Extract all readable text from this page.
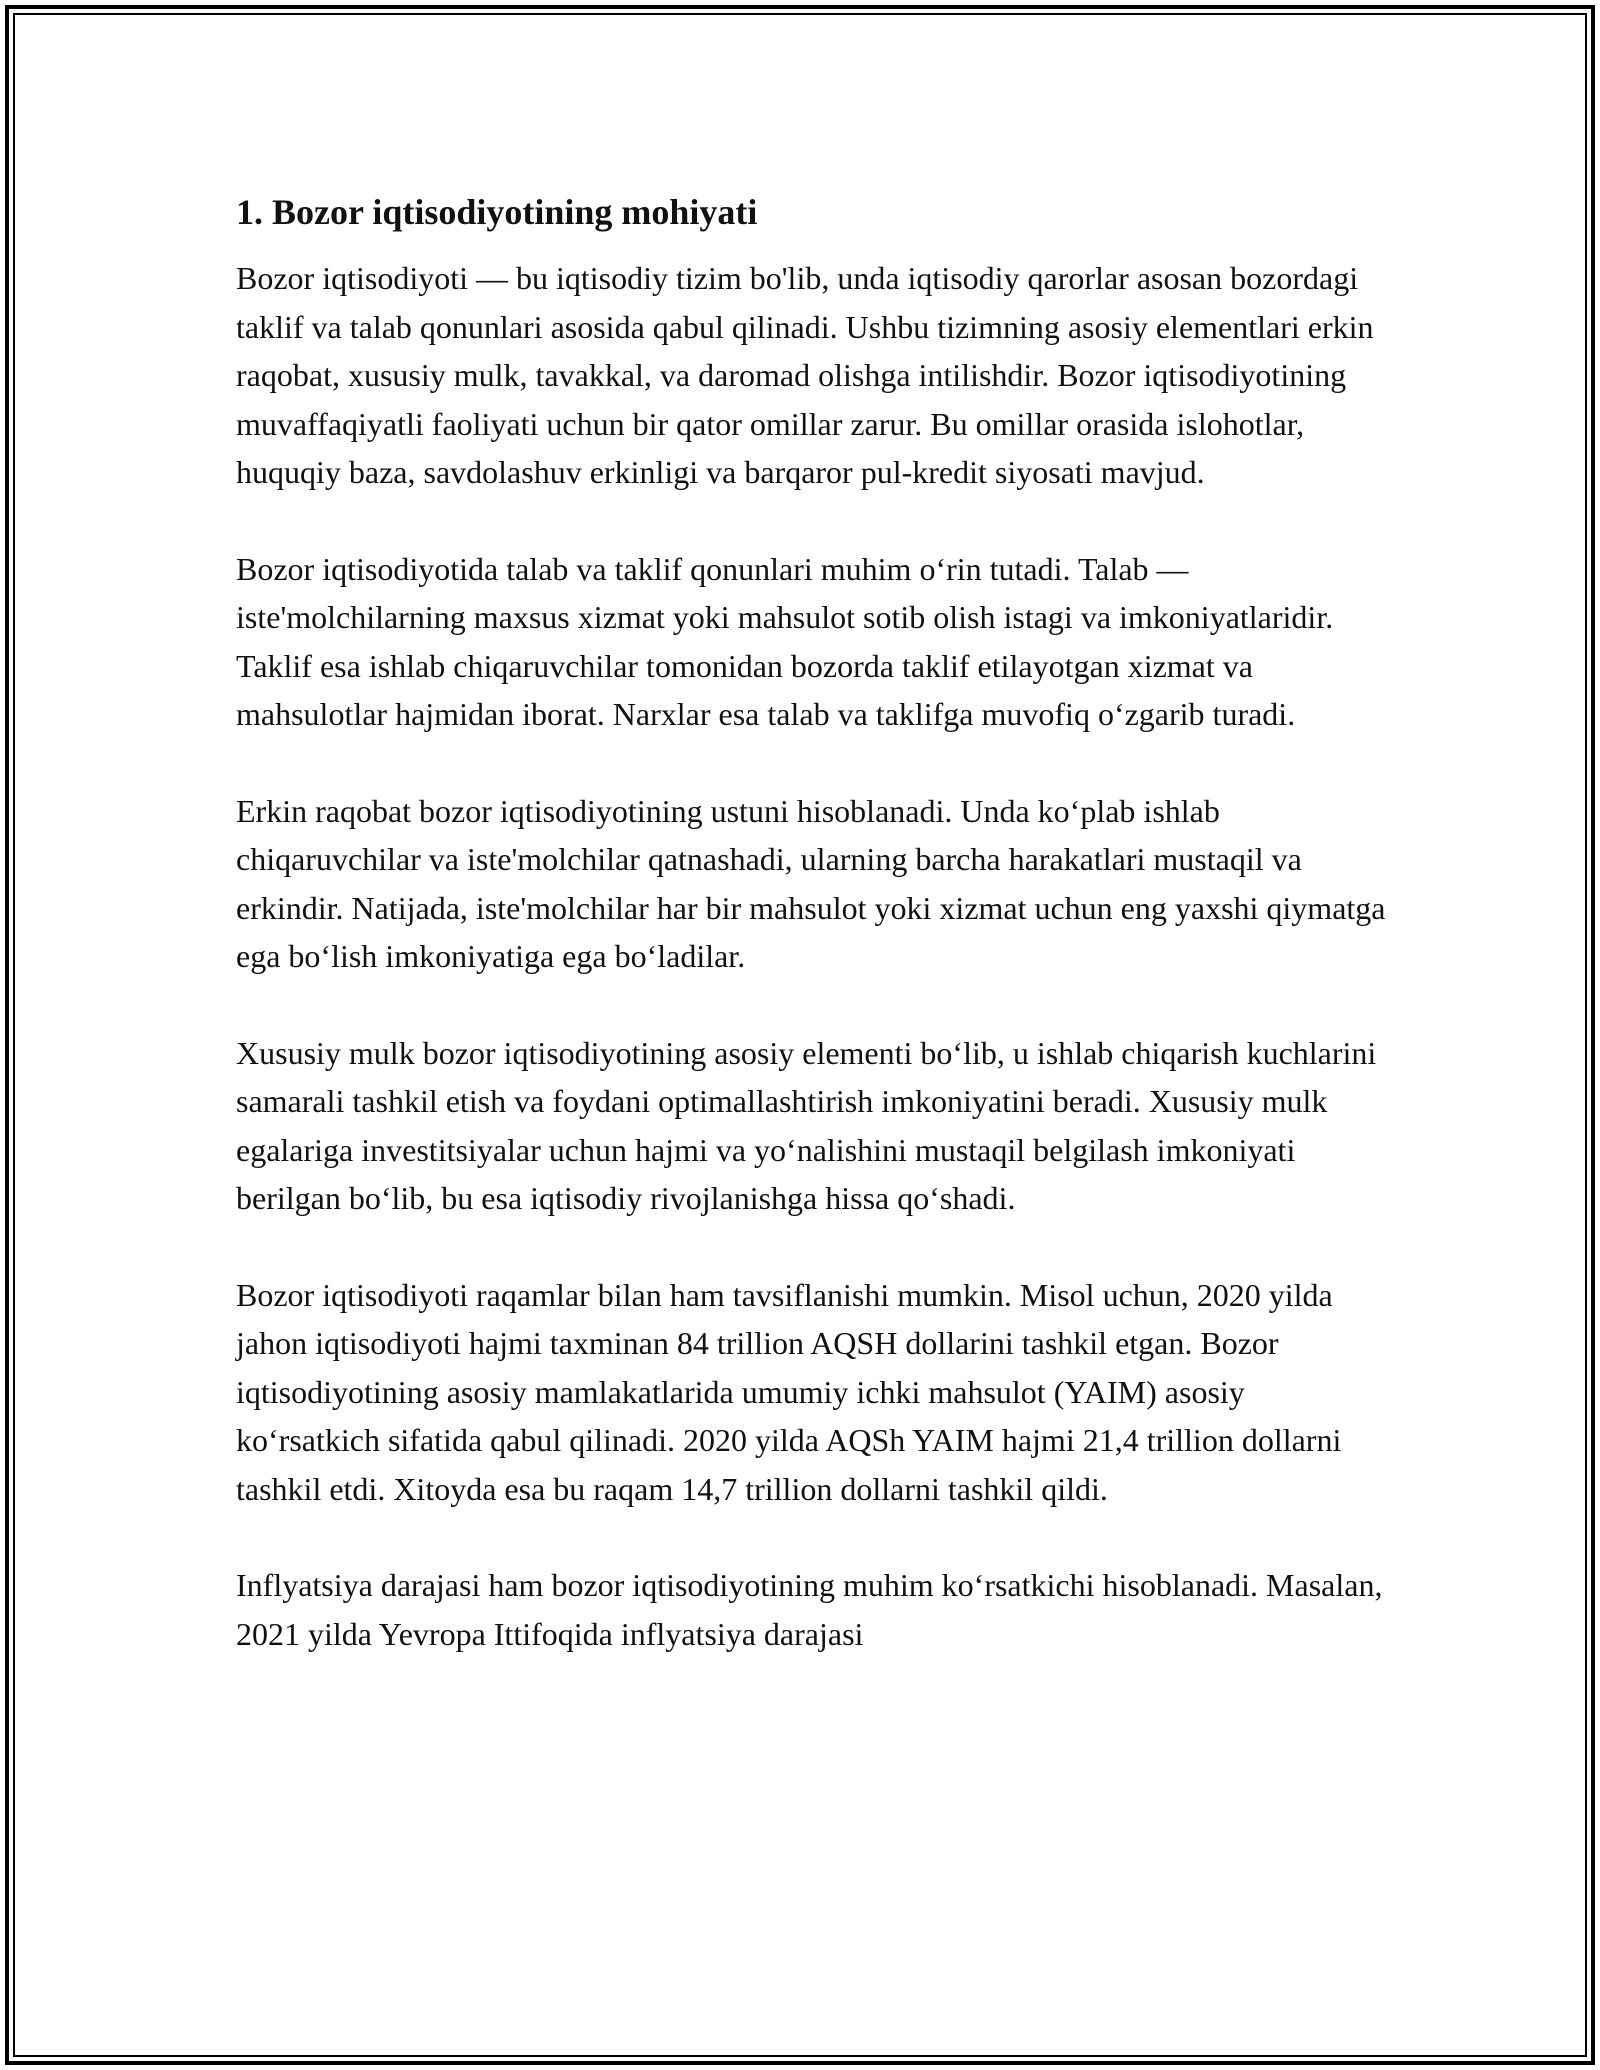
1. Bozor iqtisodiyotining mohiyati

Bozor iqtisodiyoti — bu iqtisodiy tizim bo'lib, unda iqtisodiy qarorlar asosan bozordagi taklif va talab qonunlari asosida qabul qilinadi. Ushbu tizimning asosiy elementlari erkin raqobat, xususiy mulk, tavakkal, va daromad olishga intilishdir. Bozor iqtisodiyotining muvaffaqiyatli faoliyati uchun bir qator omillar zarur. Bu omillar orasida islohotlar, huquqiy baza, savdolashuv erkinligi va barqaror pul-kredit siyosati mavjud.

Bozor iqtisodiyotida talab va taklif qonunlari muhim oʻrin tutadi. Talab — iste'molchilarning maxsus xizmat yoki mahsulot sotib olish istagi va imkoniyatlaridir. Taklif esa ishlab chiqaruvchilar tomonidan bozorda taklif etilayotgan xizmat va mahsulotlar hajmidan iborat. Narxlar esa talab va taklifga muvofiq oʻzgarib turadi.

Erkin raqobat bozor iqtisodiyotining ustuni hisoblanadi. Unda koʻplab ishlab chiqaruvchilar va iste'molchilar qatnashadi, ularning barcha harakatlari mustaqil va erkindir. Natijada, iste'molchilar har bir mahsulot yoki xizmat uchun eng yaxshi qiymatga ega boʻlish imkoniyatiga ega boʻladilar.

Xususiy mulk bozor iqtisodiyotining asosiy elementi boʻlib, u ishlab chiqarish kuchlarini samarali tashkil etish va foydani optimallashtirish imkoniyatini beradi. Xususiy mulk egalariga investitsiyalar uchun hajmi va yoʻnalishini mustaqil belgilash imkoniyati berilgan boʻlib, bu esa iqtisodiy rivojlanishga hissa qoʻshadi.

Bozor iqtisodiyoti raqamlar bilan ham tavsiflanishi mumkin. Misol uchun, 2020 yilda jahon iqtisodiyoti hajmi taxminan 84 trillion AQSH dollarini tashkil etgan. Bozor iqtisodiyotining asosiy mamlakatlarida umumiy ichki mahsulot (YAIM) asosiy koʻrsatkich sifatida qabul qilinadi. 2020 yilda AQSh YAIM hajmi 21,4 trillion dollarni tashkil etdi. Xitoyda esa bu raqam 14,7 trillion dollarni tashkil qildi.

Inflyatsiya darajasi ham bozor iqtisodiyotining muhim koʻrsatkichi hisoblanadi. Masalan, 2021 yilda Yevropa Ittifoqida inflyatsiya darajasi
